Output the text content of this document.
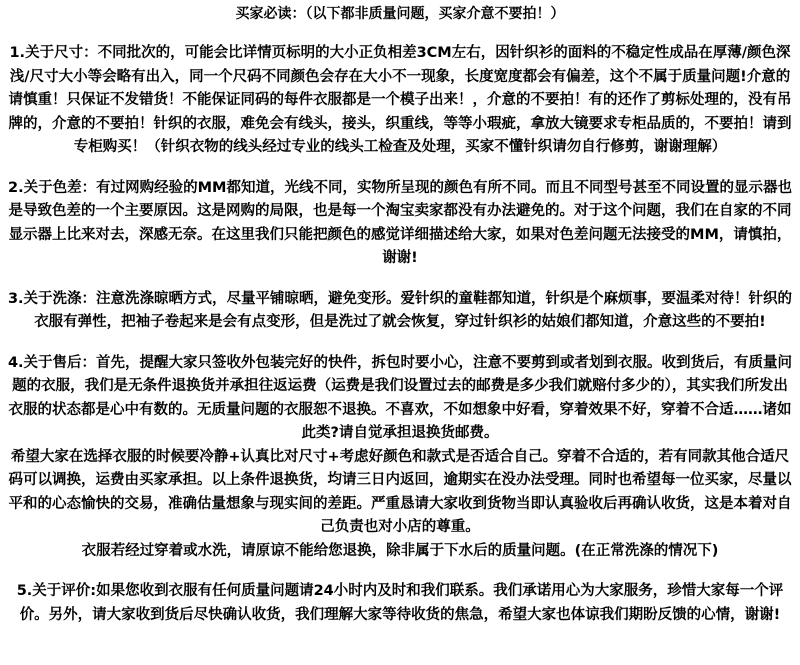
买家必读：（以下都非质量问题，买家介意不要拍！）

1.关于尺寸：不同批次的，可能会比详情页标明的大小正负相差3CM左右，因针织衫的面料的不稳定性成品在厚薄/颜色深浅/尺寸大小等会略有出入，同一个尺码不同颜色会存在大小不一现象，长度宽度都会有偏差，这个不属于质量问题!介意的请慎重！只保证不发错货！不能保证同码的每件衣服都是一个模子出来！，介意的不要拍！有的还作了剪标处理的，没有吊牌的，介意的不要拍！针织的衣服，难免会有线头，接头，织重线，等等小瑕疵，拿放大镜要求专柜品质的，不要拍！请到专柜购买！（针织衣物的线头经过专业的线头工检查及处理，买家不懂针织请勿自行修剪，谢谢理解）

2.关于色差：有过网购经验的MM都知道，光线不同，实物所呈现的颜色有所不同。而且不同型号甚至不同设置的显示器也是导致色差的一个主要原因。这是网购的局限，也是每一个淘宝卖家都没有办法避免的。对于这个问题，我们在自家的不同显示器上比来对去，深感无奈。在这里我们只能把颜色的感觉详细描述给大家，如果对色差问题无法接受的MM，请慎拍，谢谢!

3.关于洗涤：注意洗涤晾晒方式，尽量平铺晾晒，避免变形。爱针织的童鞋都知道，针织是个麻烦事，要温柔对待！针织的衣服有弹性，把袖子卷起来是会有点变形，但是洗过了就会恢复，穿过针织衫的姑娘们都知道，介意这些的不要拍!

4.关于售后：首先，提醒大家只签收外包装完好的快件，拆包时要小心，注意不要剪到或者划到衣服。收到货后，有质量问题的衣服，我们是无条件退换货并承担往返运费（运费是我们设置过去的邮费是多少我们就赔付多少的），其实我们所发出衣服的状态都是心中有数的。无质量问题的衣服恕不退换。不喜欢，不如想象中好看，穿着效果不好，穿着不合适……诸如此类?请自觉承担退换货邮费。

希望大家在选择衣服的时候要冷静+认真比对尺寸+考虑好颜色和款式是否适合自己。穿着不合适的，若有同款其他合适尺码可以调换，运费由买家承担。以上条件退换货，均请三日内返回，逾期实在没办法受理。同时也希望每一位买家，尽量以平和的心态愉快的交易，准确估量想象与现实间的差距。严重恳请大家收到货物当即认真验收后再确认收货，这是本着对自己负责也对小店的尊重。

衣服若经过穿着或水洗，请原谅不能给您退换，除非属于下水后的质量问题。(在正常洗涤的情况下)

5.关于评价:如果您收到衣服有任何质量问题请24小时内及时和我们联系。我们承诺用心为大家服务，珍惜大家每一个评价。另外，请大家收到货后尽快确认收货，我们理解大家等待收货的焦急，希望大家也体谅我们期盼反馈的心情，谢谢!
